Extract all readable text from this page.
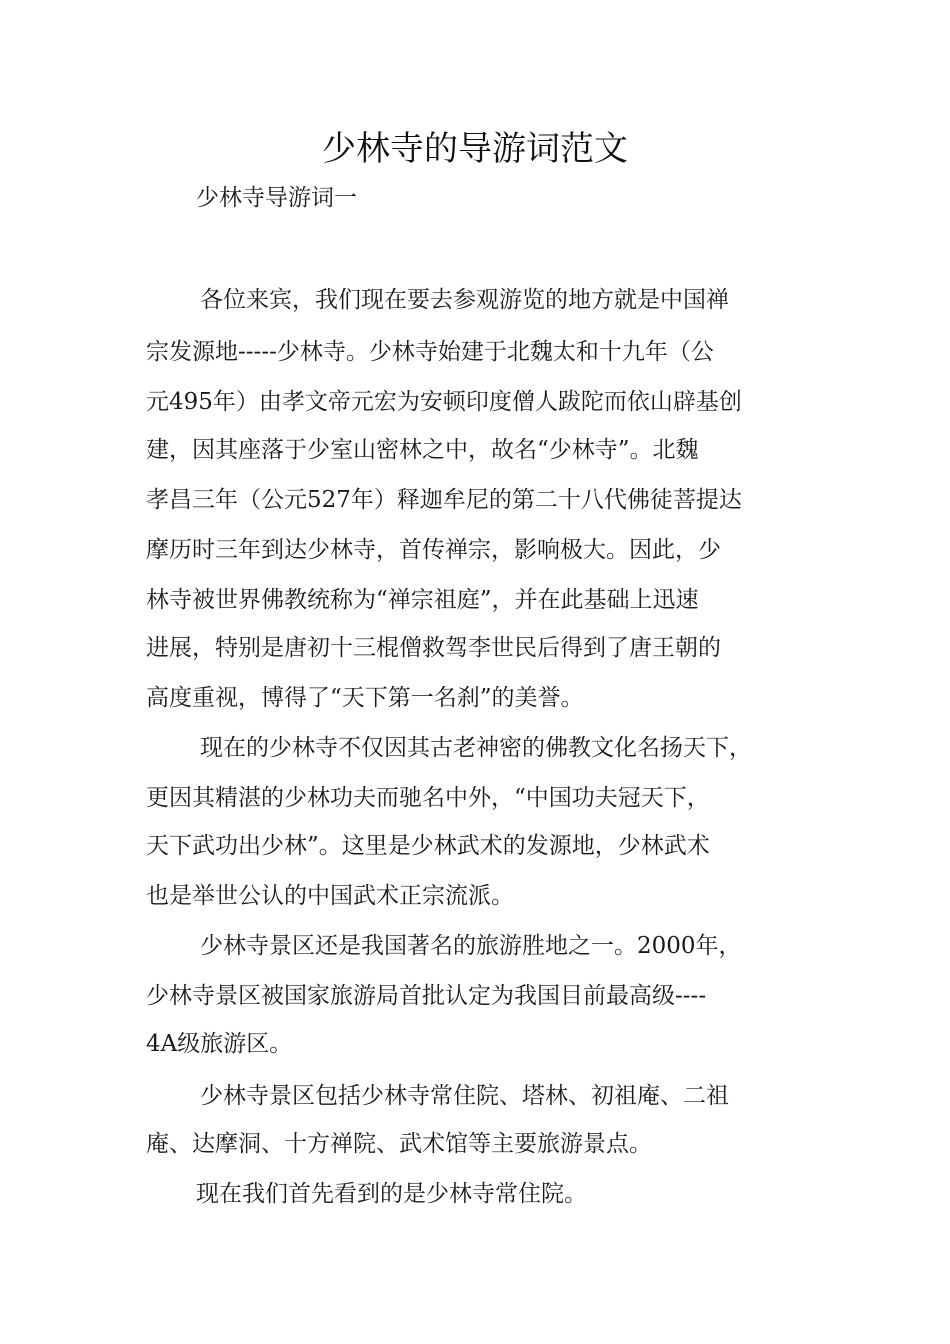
少林寺的导游词范文
少林寺导游词一
各位来宾，我们现在要去参观游览的地方就是中国禅
宗发源地-----少林寺。少林寺始建于北魏太和十九年（公
元495年）由孝文帝元宏为安顿印度僧人跋陀而依山辟基创
建，因其座落于少室山密林之中，故名“少林寺”。北魏
孝昌三年（公元527年）释迦牟尼的第二十八代佛徒菩提达
摩历时三年到达少林寺，首传禅宗，影响极大。因此，少
林寺被世界佛教统称为“禅宗祖庭”，并在此基础上迅速
进展，特别是唐初十三棍僧救驾李世民后得到了唐王朝的
高度重视，博得了“天下第一名刹”的美誉。
现在的少林寺不仅因其古老神密的佛教文化名扬天下，
更因其精湛的少林功夫而驰名中外，“中国功夫冠天下，
天下武功出少林”。这里是少林武术的发源地，少林武术
也是举世公认的中国武术正宗流派。
少林寺景区还是我国著名的旅游胜地之一。2000年，
少林寺景区被国家旅游局首批认定为我国目前最高级----
4A级旅游区。
少林寺景区包括少林寺常住院、塔林、初祖庵、二祖
庵、达摩洞、十方禅院、武术馆等主要旅游景点。
现在我们首先看到的是少林寺常住院。
